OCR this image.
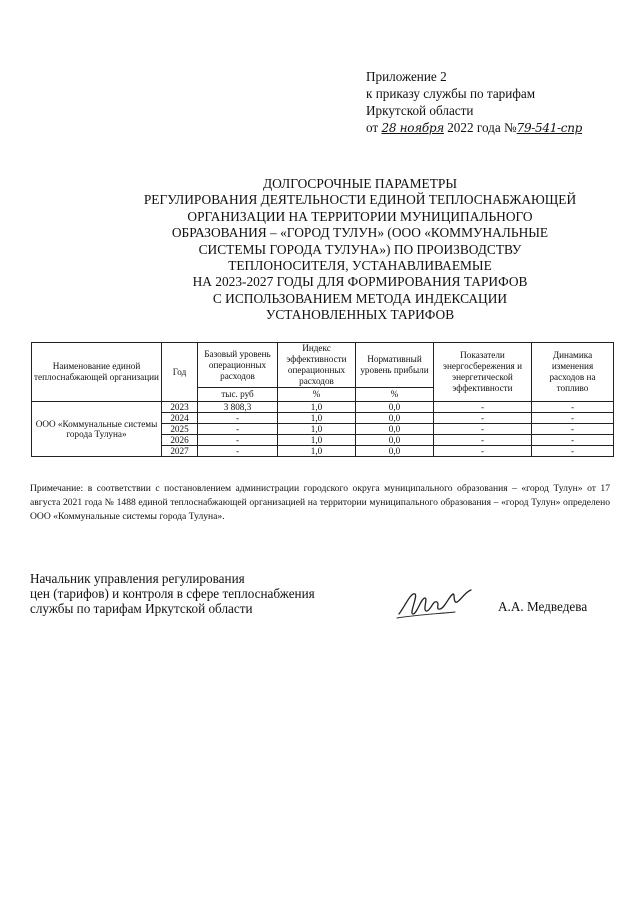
Приложение 2
к приказу службы по тарифам
Иркутской области
от 28 ноября 2022 года №79-541-спр
ДОЛГОСРОЧНЫЕ ПАРАМЕТРЫ
РЕГУЛИРОВАНИЯ ДЕЯТЕЛЬНОСТИ ЕДИНОЙ ТЕПЛОСНАБЖАЮЩЕЙ
ОРГАНИЗАЦИИ НА ТЕРРИТОРИИ МУНИЦИПАЛЬНОГО
ОБРАЗОВАНИЯ – «ГОРОД ТУЛУН» (ООО «КОММУНАЛЬНЫЕ
СИСТЕМЫ ГОРОДА ТУЛУНА») ПО ПРОИЗВОДСТВУ
ТЕПЛОНОСИТЕЛЯ, УСТАНАВЛИВАЕМЫЕ
НА 2023-2027 ГОДЫ ДЛЯ ФОРМИРОВАНИЯ ТАРИФОВ
С ИСПОЛЬЗОВАНИЕМ МЕТОДА ИНДЕКСАЦИИ
УСТАНОВЛЕННЫХ ТАРИФОВ
Наименование единой теплоснабжающей организации	Год	Базовый уровень операционных расходов	Индекс эффективности операционных расходов	Нормативный уровень прибыли	Показатели энергосбережения и энергетической эффективности	Динамика изменения расходов на топливо
		тыс. руб	%	%		
ООО «Коммунальные системы города Тулуна»	2023	3 808,3	1,0	0,0	-	-
	2024	-	1,0	0,0	-	-
	2025	-	1,0	0,0	-	-
	2026	-	1,0	0,0	-	-
	2027	-	1,0	0,0	-	-
Примечание: в соответствии с постановлением администрации городского округа муниципального образования – «город Тулун» от 17 августа 2021 года № 1488 единой теплоснабжающей организацией на территории муниципального образования – «город Тулун» определено ООО «Коммунальные системы города Тулуна».
Начальник управления регулирования
цен (тарифов) и контроля в сфере теплоснабжения
службы по тарифам Иркутской области	А.А. Медведева
